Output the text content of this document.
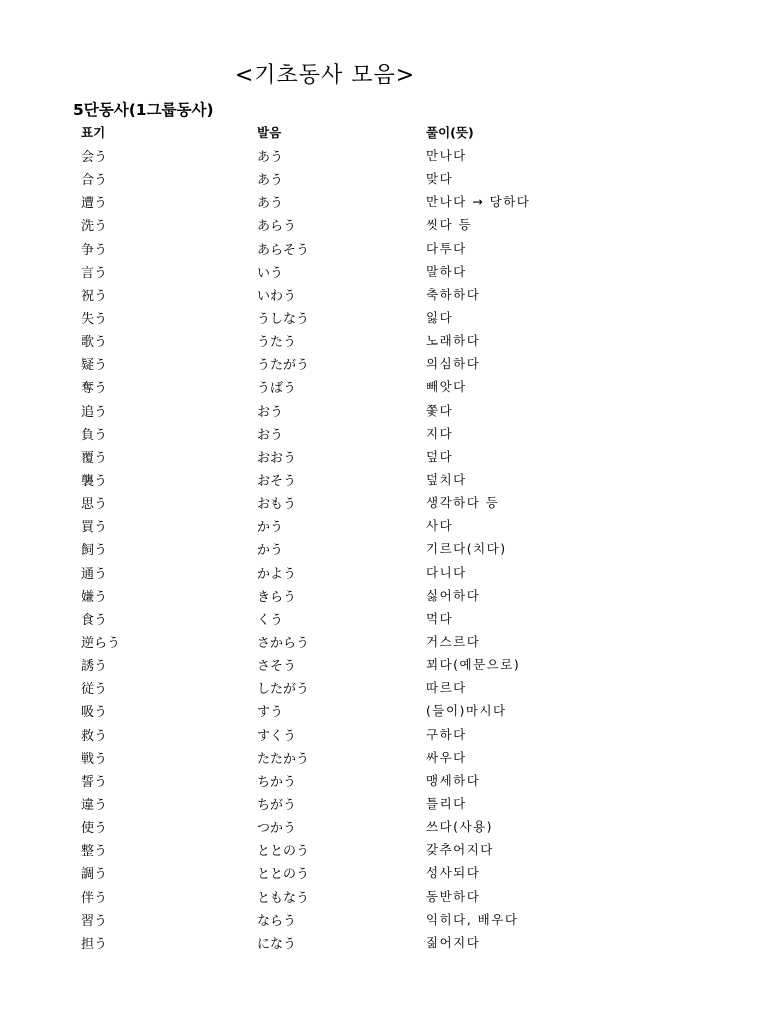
<기초동사 모음>
5단동사(1그룹동사)
표기	발음	풀이(뜻)
会う	あう	만나다
合う	あう	맞다
遭う	あう	만나다 → 당하다
洗う	あらう	씻다 등
争う	あらそう	다투다
言う	いう	말하다
祝う	いわう	축하하다
失う	うしなう	잃다
歌う	うたう	노래하다
疑う	うたがう	의심하다
奪う	うばう	빼앗다
追う	おう	쫓다
負う	おう	지다
覆う	おおう	덮다
襲う	おそう	덮치다
思う	おもう	생각하다 등
買う	かう	사다
飼う	かう	기르다(치다)
通う	かよう	다니다
嫌う	きらう	싫어하다
食う	くう	먹다
逆らう	さからう	거스르다
誘う	さそう	꾀다(예문으로)
従う	したがう	따르다
吸う	すう	(들이)마시다
救う	すくう	구하다
戦う	たたかう	싸우다
誓う	ちかう	맹세하다
違う	ちがう	틀리다
使う	つかう	쓰다(사용)
整う	ととのう	갖추어지다
調う	ととのう	성사되다
伴う	ともなう	동반하다
習う	ならう	익히다, 배우다
担う	になう	짊어지다
